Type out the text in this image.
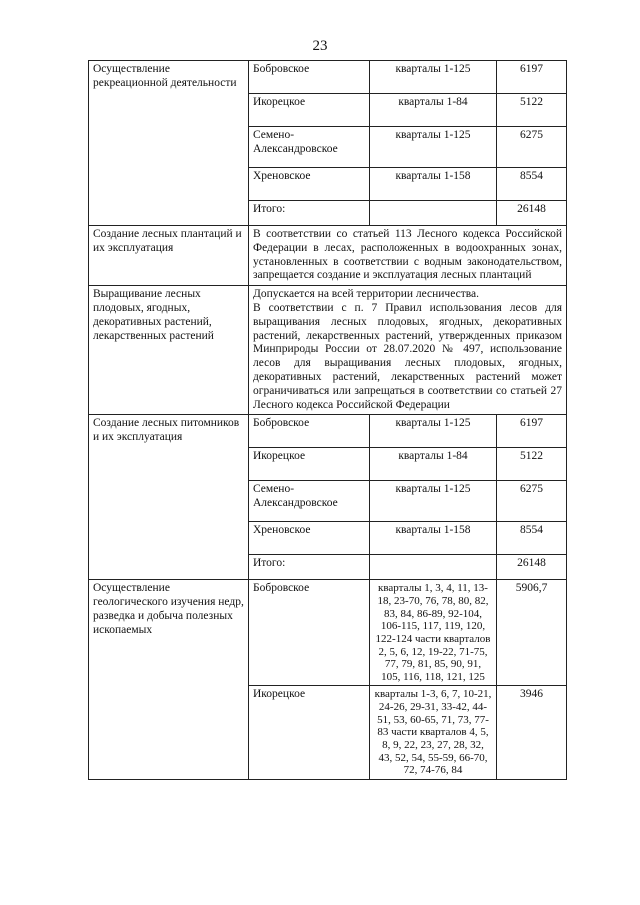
23
Осуществление рекреационной деятельности	Бобровское	кварталы 1-125	6197
	Икорецкое	кварталы 1-84	5122
	Семено-Александровское	кварталы 1-125	6275
	Хреновское	кварталы 1-158	8554
	Итого:		26148
Создание лесных плантаций и их эксплуатация	В соответствии со статьей 113 Лесного кодекса Российской Федерации в лесах, расположенных в водоохранных зонах, установленных в соответствии с водным законодательством, запрещается создание и эксплуатация лесных плантаций		
Выращивание лесных плодовых, ягодных, декоративных растений, лекарственных растений	Допускается на всей территории лесничества.
В соответствии с п. 7 Правил использования лесов для выращивания лесных плодовых, ягодных, декоративных растений, лекарственных растений, утвержденных приказом Минприроды России от 28.07.2020 № 497, использование лесов для выращивания лесных плодовых, ягодных, декоративных растений, лекарственных растений может ограничиваться или запрещаться в соответствии со статьей 27 Лесного кодекса Российской Федерации		

Создание лесных питомников и их эксплуатация	Бобровское	кварталы 1-125	6197
	Икорецкое	кварталы 1-84	5122
	Семено-Александровское	кварталы 1-125	6275
	Хреновское	кварталы 1-158	8554
	Итого:		26148
Осуществление геологического изучения недр, разведка и добыча полезных ископаемых	Бобровское	кварталы 1, 3, 4, 11, 13-18, 23-70, 76, 78, 80, 82, 83, 84, 86-89, 92-104, 106-115, 117, 119, 120, 122-124 части кварталов 2, 5, 6, 12, 19-22, 71-75, 77, 79, 81, 85, 90, 91, 105, 116, 118, 121, 125	5906,7
	Икорецкое	кварталы 1-3, 6, 7, 10-21, 24-26, 29-31, 33-42, 44-51, 53, 60-65, 71, 73, 77-83 части кварталов 4, 5, 8, 9, 22, 23, 27, 28, 32, 43, 52, 54, 55-59, 66-70, 72, 74-76, 84	3946
